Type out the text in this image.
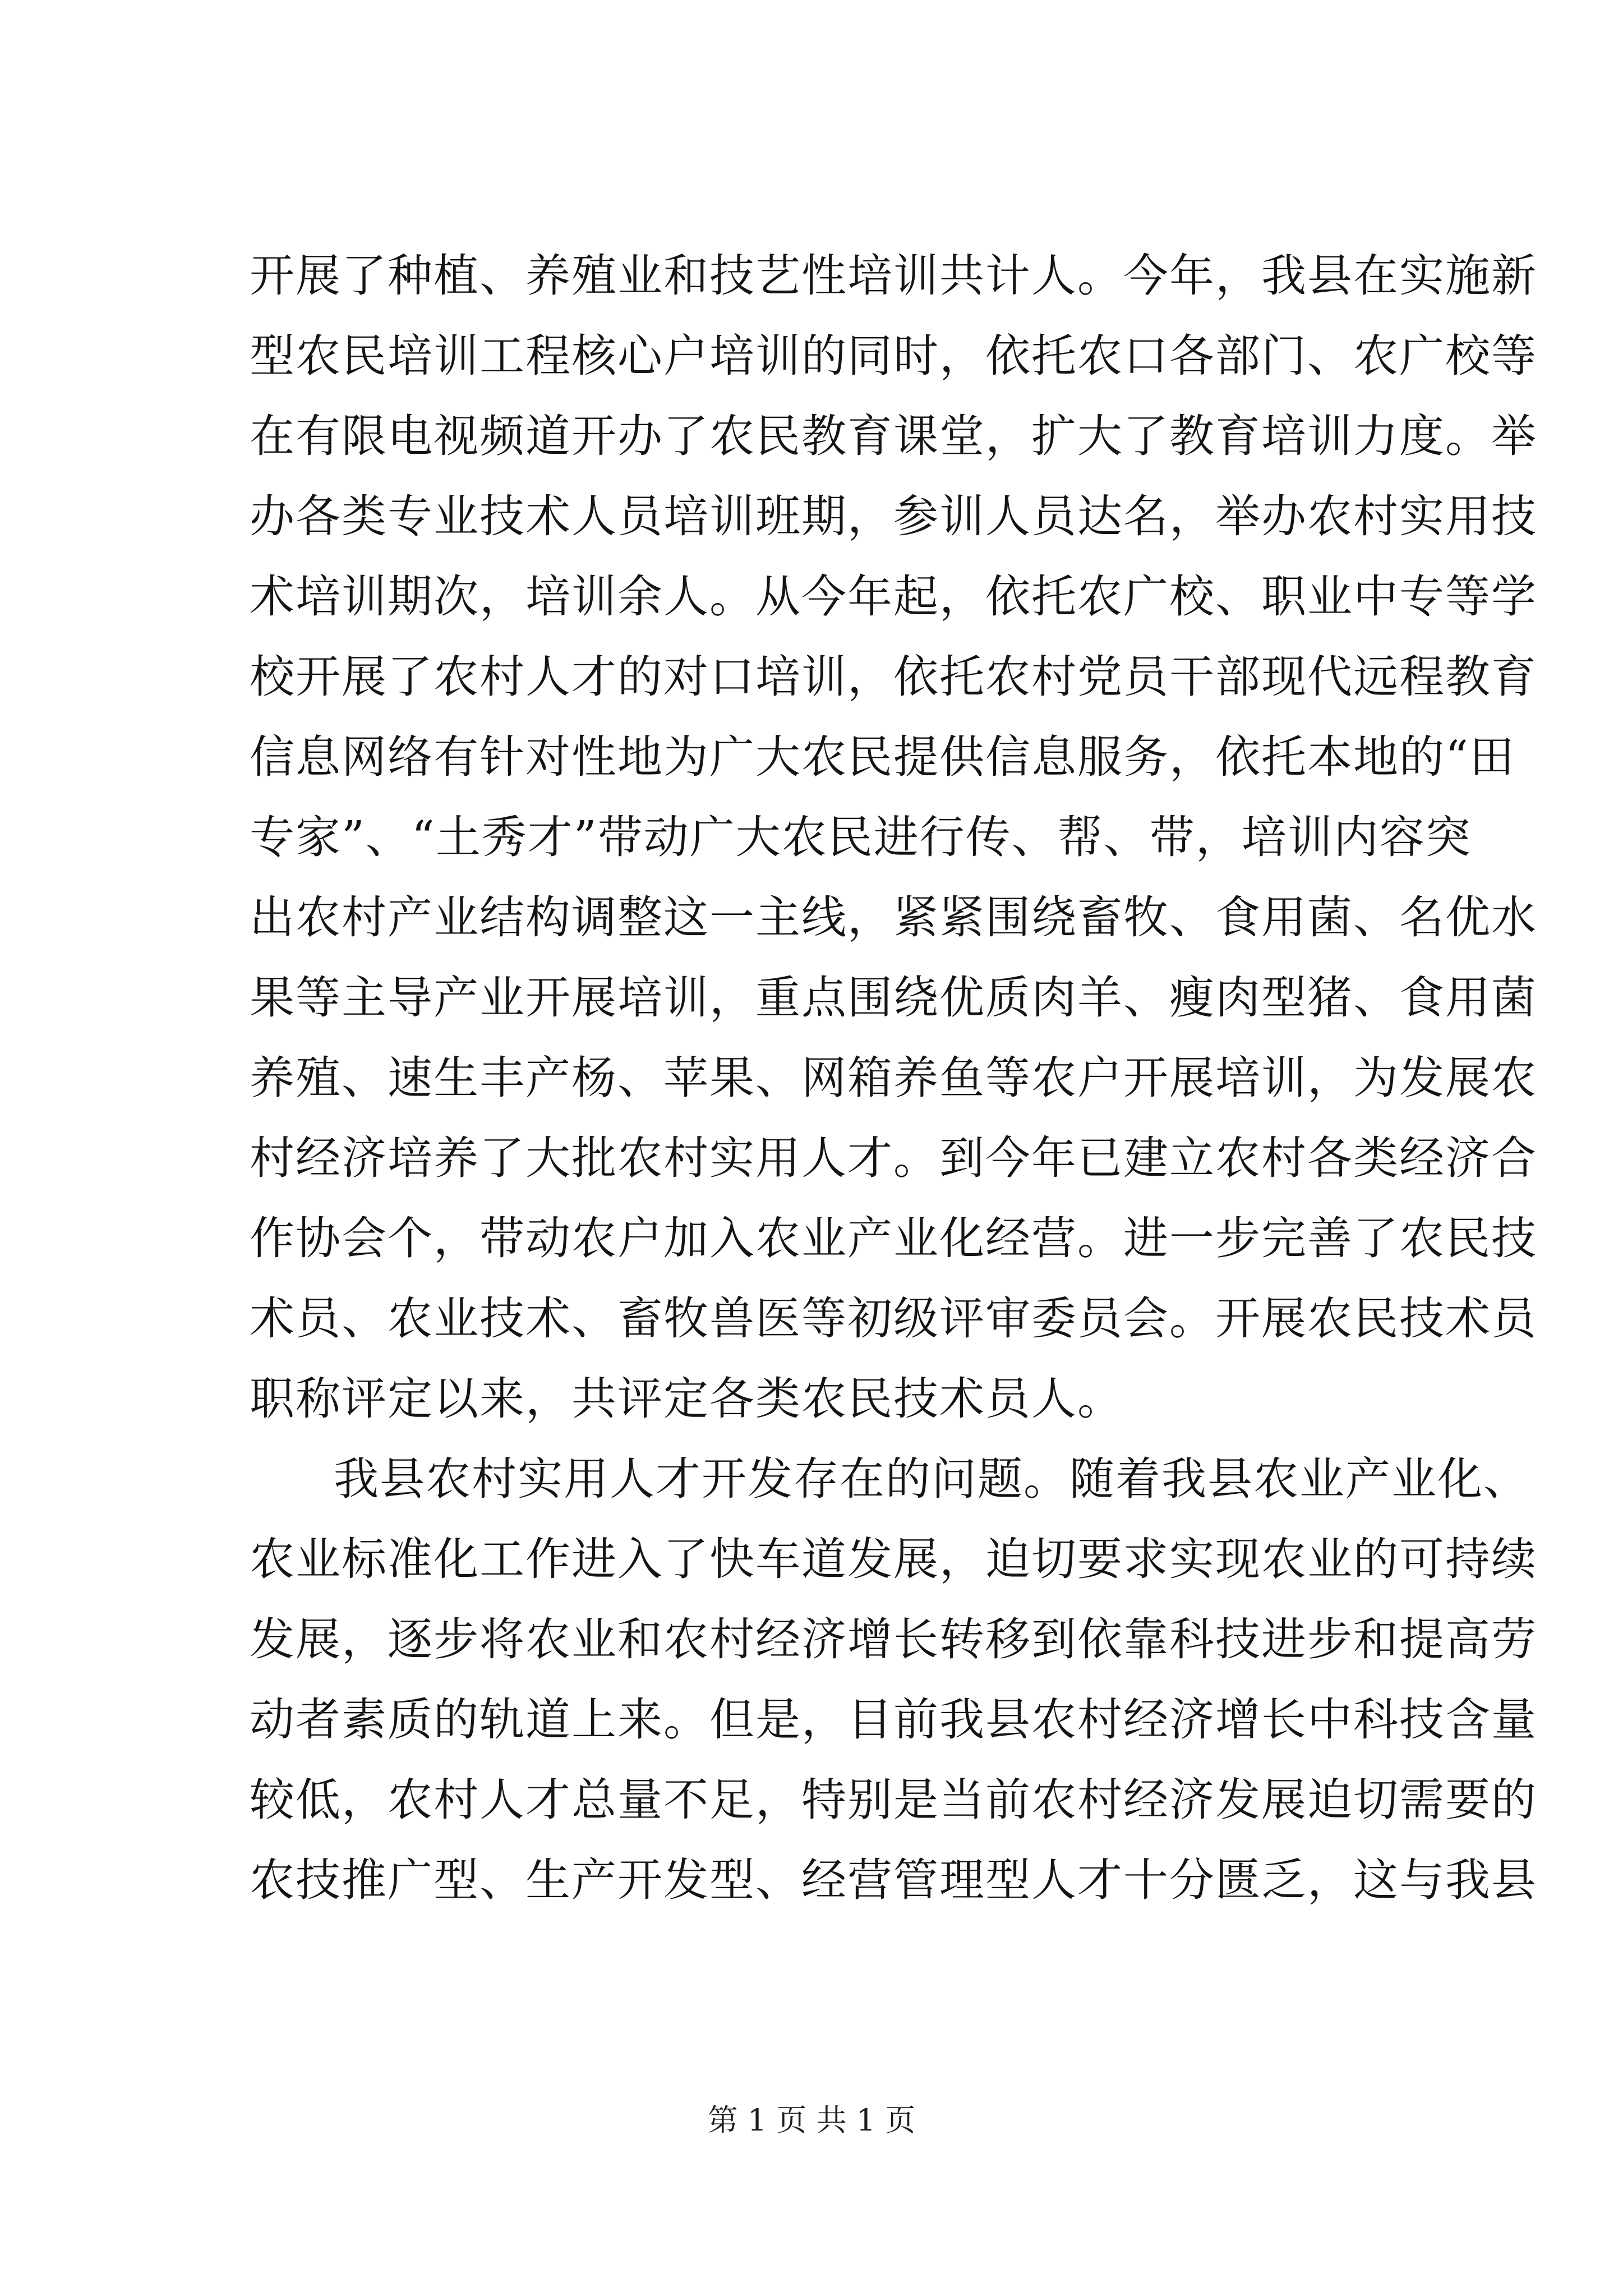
开展了种植、养殖业和技艺性培训共计人。今年，我县在实施新
型农民培训工程核心户培训的同时，依托农口各部门、农广校等
在有限电视频道开办了农民教育课堂，扩大了教育培训力度。举
办各类专业技术人员培训班期，参训人员达名，举办农村实用技
术培训期次，培训余人。从今年起，依托农广校、职业中专等学
校开展了农村人才的对口培训，依托农村党员干部现代远程教育
信息网络有针对性地为广大农民提供信息服务，依托本地的“田
专家”、“土秀才”带动广大农民进行传、帮、带，培训内容突
出农村产业结构调整这一主线，紧紧围绕畜牧、食用菌、名优水
果等主导产业开展培训，重点围绕优质肉羊、瘦肉型猪、食用菌
养殖、速生丰产杨、苹果、网箱养鱼等农户开展培训，为发展农
村经济培养了大批农村实用人才。到今年已建立农村各类经济合
作协会个，带动农户加入农业产业化经营。进一步完善了农民技
术员、农业技术、畜牧兽医等初级评审委员会。开展农民技术员
职称评定以来，共评定各类农民技术员人。
我县农村实用人才开发存在的问题。随着我县农业产业化、
农业标准化工作进入了快车道发展，迫切要求实现农业的可持续
发展，逐步将农业和农村经济增长转移到依靠科技进步和提高劳
动者素质的轨道上来。但是，目前我县农村经济增长中科技含量
较低，农村人才总量不足，特别是当前农村经济发展迫切需要的
农技推广型、生产开发型、经营管理型人才十分匮乏，这与我县
第 1 页 共 1 页
